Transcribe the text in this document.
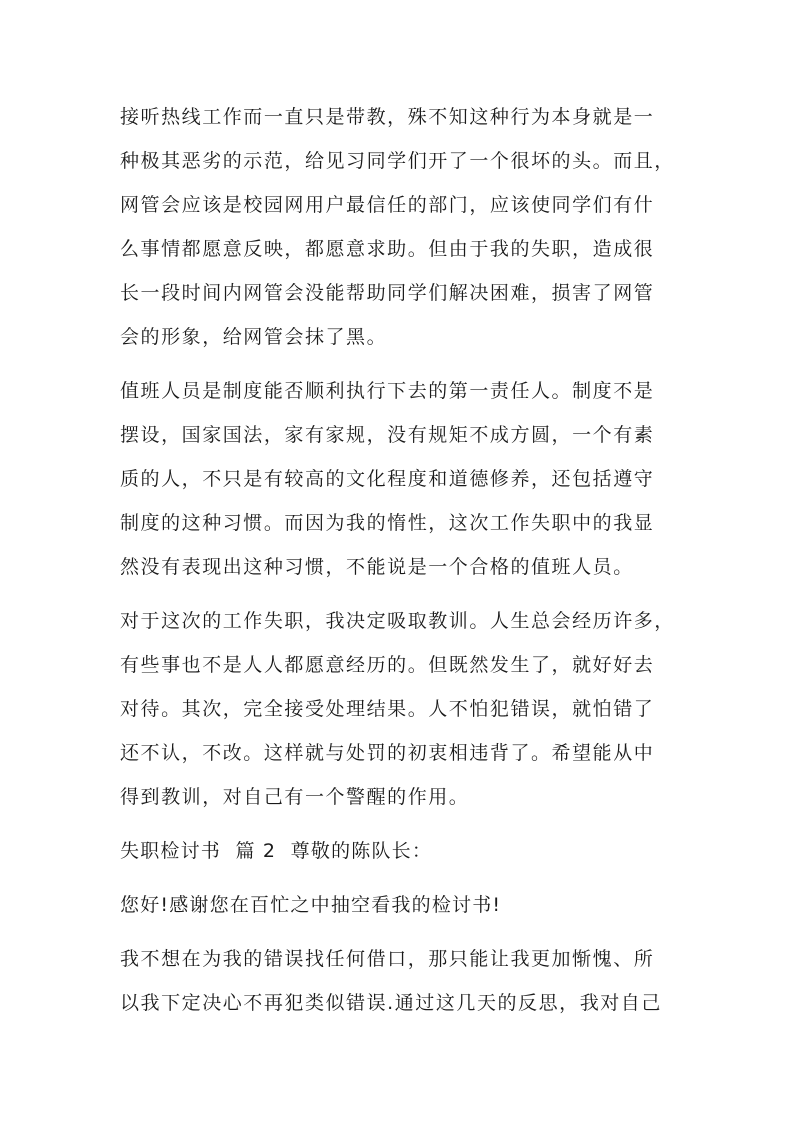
接听热线工作而一直只是带教，殊不知这种行为本身就是一
种极其恶劣的示范，给见习同学们开了一个很坏的头。而且，
网管会应该是校园网用户最信任的部门，应该使同学们有什
么事情都愿意反映，都愿意求助。但由于我的失职，造成很
长一段时间内网管会没能帮助同学们解决困难，损害了网管
会的形象，给网管会抹了黑。
值班人员是制度能否顺利执行下去的第一责任人。制度不是
摆设，国家国法，家有家规，没有规矩不成方圆，一个有素
质的人，不只是有较高的文化程度和道德修养，还包括遵守
制度的这种习惯。而因为我的惰性，这次工作失职中的我显
然没有表现出这种习惯，不能说是一个合格的值班人员。
对于这次的工作失职，我决定吸取教训。人生总会经历许多，
有些事也不是人人都愿意经历的。但既然发生了，就好好去
对待。其次，完全接受处理结果。人不怕犯错误，就怕错了
还不认，不改。这样就与处罚的初衷相违背了。希望能从中
得到教训，对自己有一个警醒的作用。
失职检讨书  篇 2  尊敬的陈队长：
您好!感谢您在百忙之中抽空看我的检讨书!
我不想在为我的错误找任何借口，那只能让我更加惭愧、所
以我下定决心不再犯类似错误.通过这几天的反思，我对自己
